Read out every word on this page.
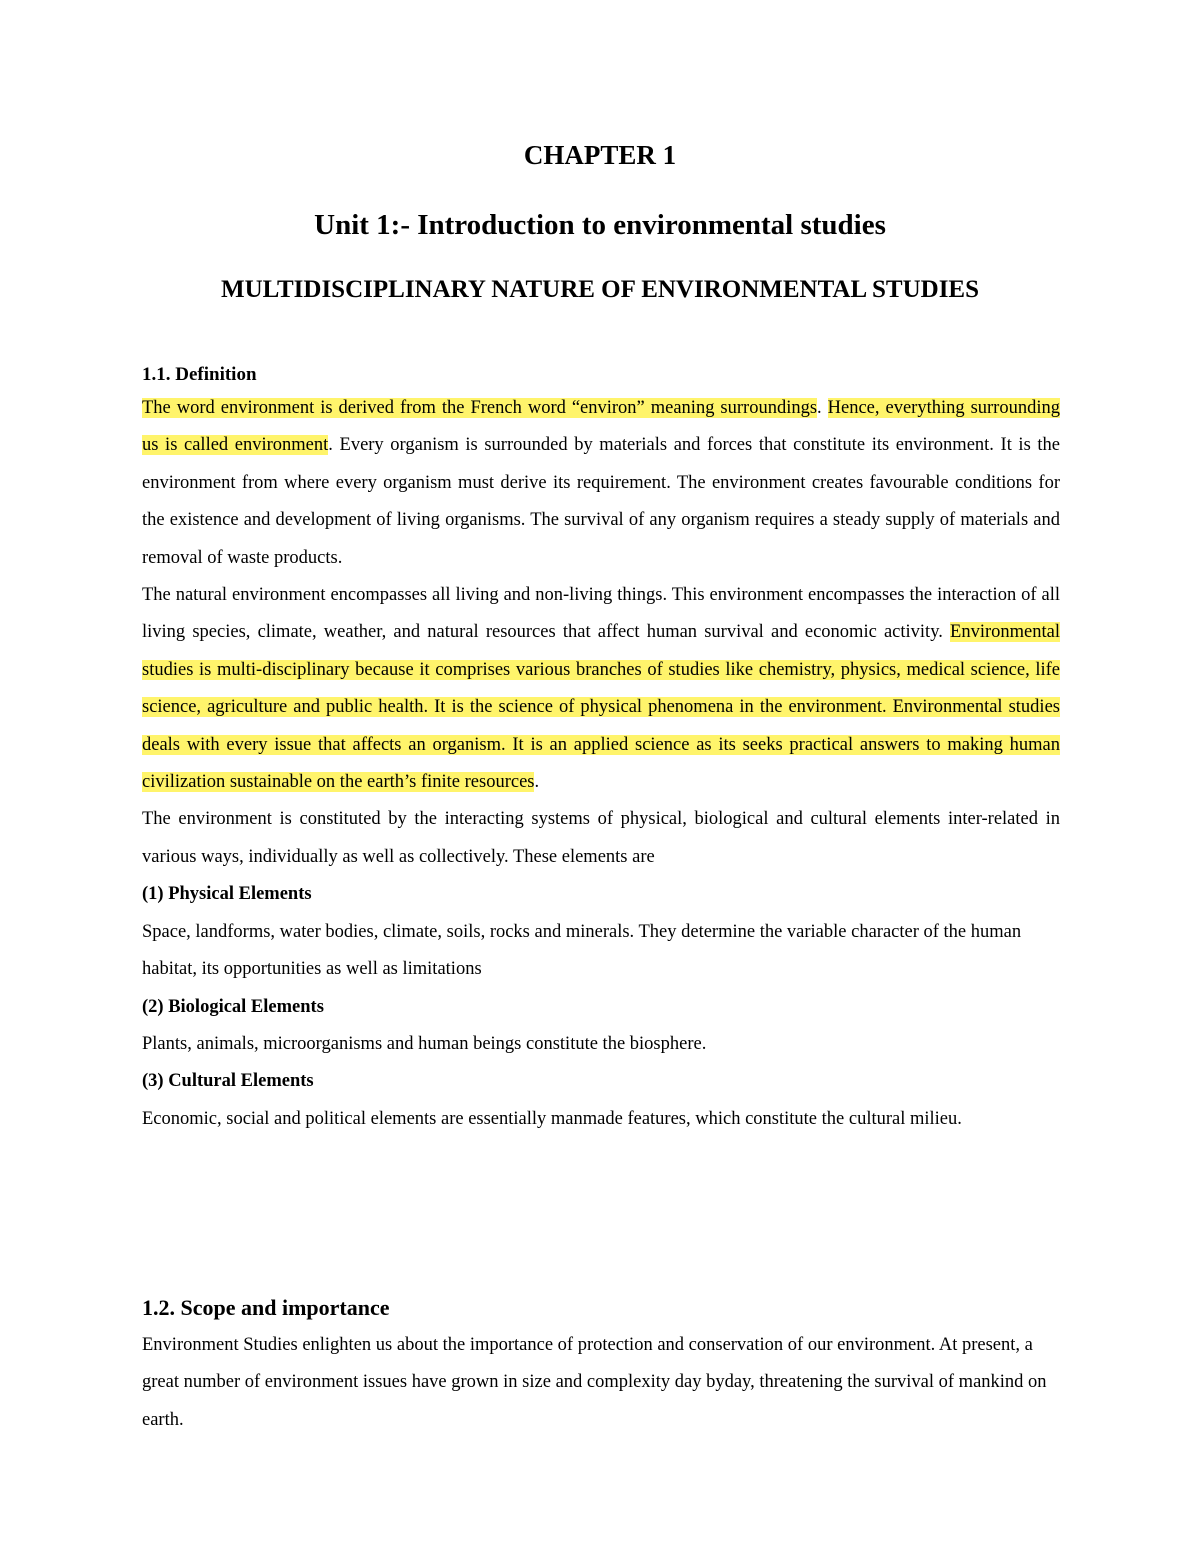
CHAPTER 1
Unit 1:- Introduction to environmental studies
MULTIDISCIPLINARY NATURE OF ENVIRONMENTAL STUDIES
1.1. Definition

The word environment is derived from the French word “environ” meaning surroundings. Hence, everything surrounding us is called environment. Every organism is surrounded by materials and forces that constitute its environment. It is the environment from where every organism must derive its requirement. The environment creates favourable conditions for the existence and development of living organisms. The survival of any organism requires a steady supply of materials and removal of waste products.

The natural environment encompasses all living and non-living things. This environment encompasses the interaction of all living species, climate, weather, and natural resources that affect human survival and economic activity. Environmental studies is multi-disciplinary because it comprises various branches of studies like chemistry, physics, medical science, life science, agriculture and public health. It is the science of physical phenomena in the environment. Environmental studies deals with every issue that affects an organism. It is an applied science as its seeks practical answers to making human civilization sustainable on the earth’s finite resources.

The environment is constituted by the interacting systems of physical, biological and cultural elements inter-related in various ways, individually as well as collectively. These elements are

(1) Physical Elements

Space, landforms, water bodies, climate, soils, rocks and minerals. They determine the variable character of the human habitat, its opportunities as well as limitations

(2) Biological Elements

Plants, animals, microorganisms and human beings constitute the biosphere.

(3) Cultural Elements

Economic, social and political elements are essentially manmade features, which constitute the cultural milieu.

1.2. Scope and importance

Environment Studies enlighten us about the importance of protection and conservation of our environment. At present, a great number of environment issues have grown in size and complexity day byday, threatening the survival of mankind on earth.
